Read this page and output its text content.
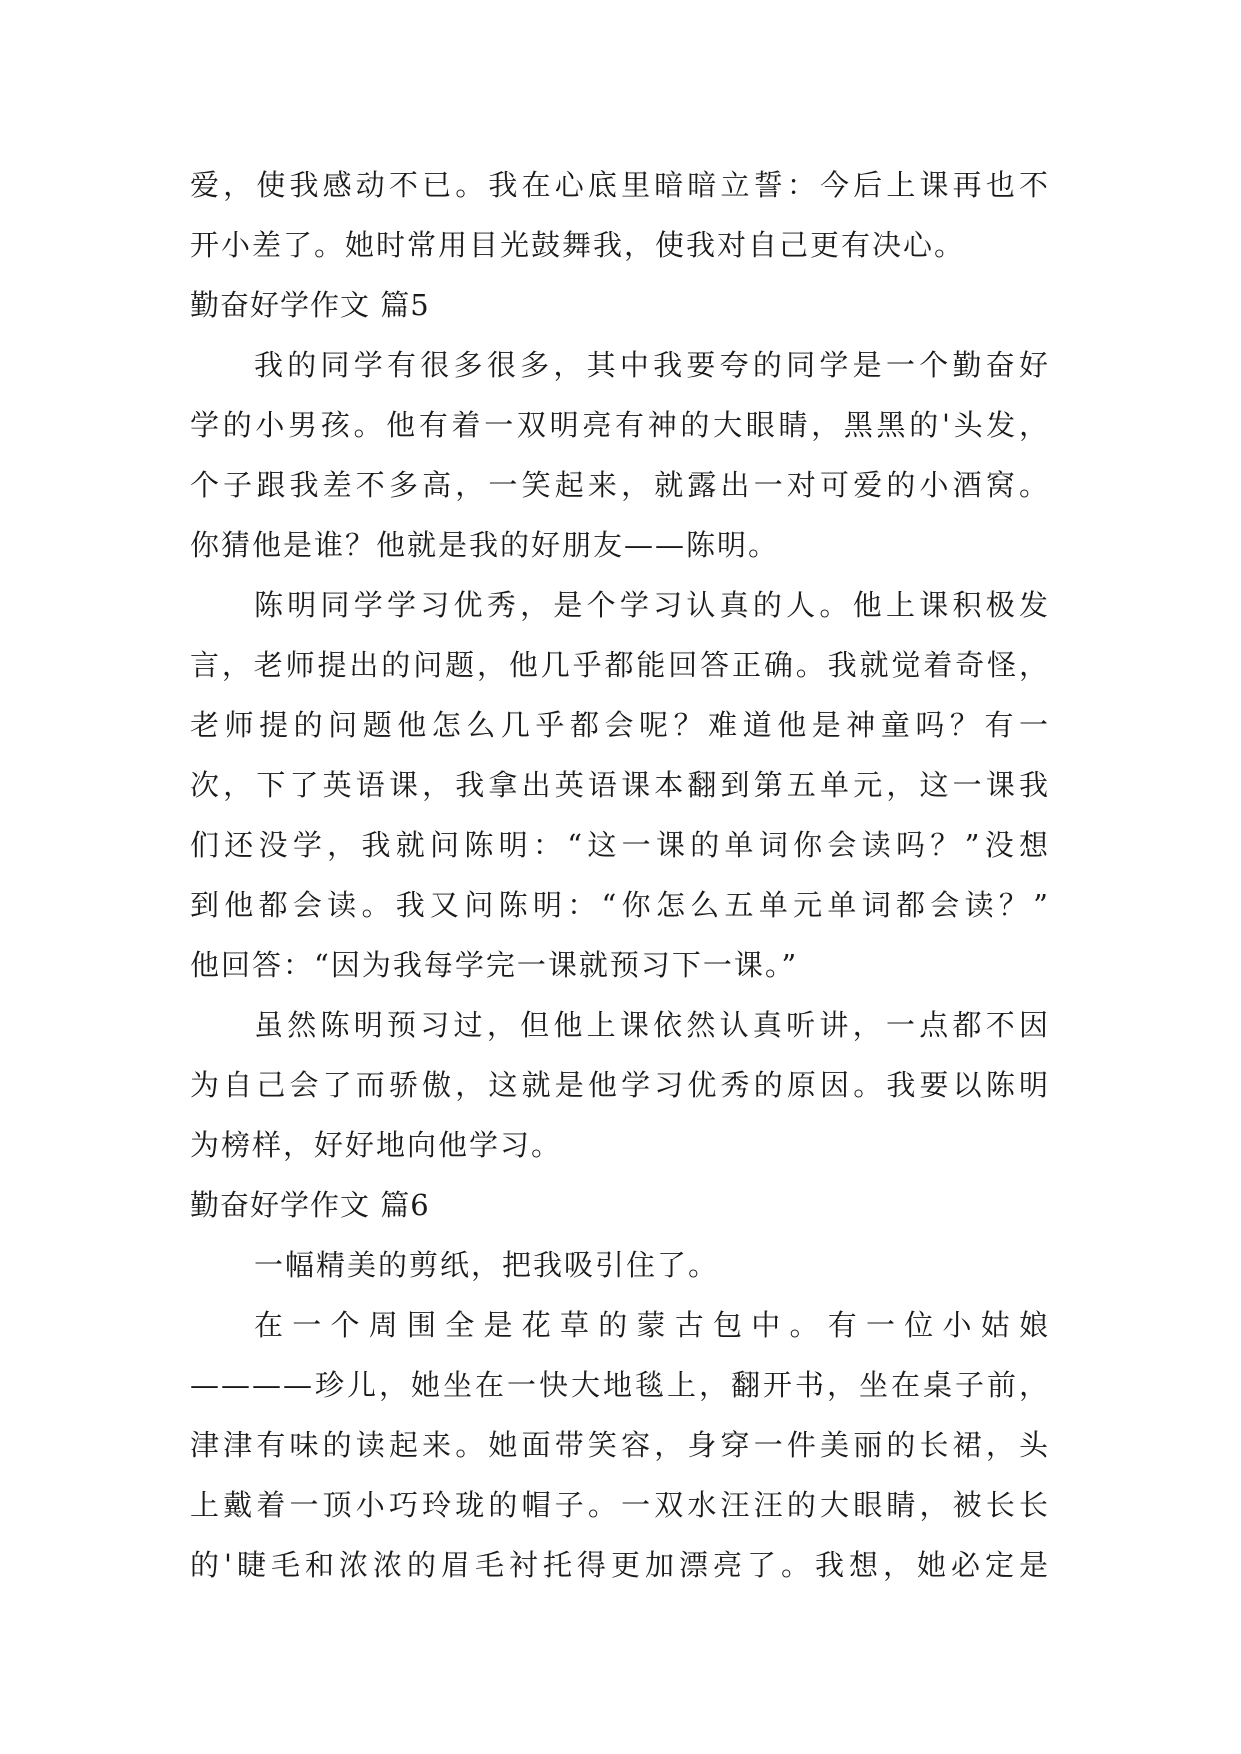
爱，使我感动不已。我在心底里暗暗立誓：今后上课再也不
开小差了。她时常用目光鼓舞我，使我对自己更有决心。
勤奋好学作文 篇5
我的同学有很多很多，其中我要夸的同学是一个勤奋好
学的小男孩。他有着一双明亮有神的大眼睛，黑黑的'头发，
个子跟我差不多高，一笑起来，就露出一对可爱的小酒窝。
你猜他是谁？他就是我的好朋友——陈明。
陈明同学学习优秀，是个学习认真的人。他上课积极发
言，老师提出的问题，他几乎都能回答正确。我就觉着奇怪，
老师提的问题他怎么几乎都会呢？难道他是神童吗？有一
次，下了英语课，我拿出英语课本翻到第五单元，这一课我
们还没学，我就问陈明：“这一课的单词你会读吗？”没想
到他都会读。我又问陈明：“你怎么五单元单词都会读？”
他回答：“因为我每学完一课就预习下一课。”
虽然陈明预习过，但他上课依然认真听讲，一点都不因
为自己会了而骄傲，这就是他学习优秀的原因。我要以陈明
为榜样，好好地向他学习。
勤奋好学作文 篇6
一幅精美的剪纸，把我吸引住了。
在一个周围全是花草的蒙古包中。有一位小姑娘
————珍儿，她坐在一快大地毯上，翻开书，坐在桌子前，
津津有味的读起来。她面带笑容，身穿一件美丽的长裙，头
上戴着一顶小巧玲珑的帽子。一双水汪汪的大眼睛，被长长
的'睫毛和浓浓的眉毛衬托得更加漂亮了。我想，她必定是
